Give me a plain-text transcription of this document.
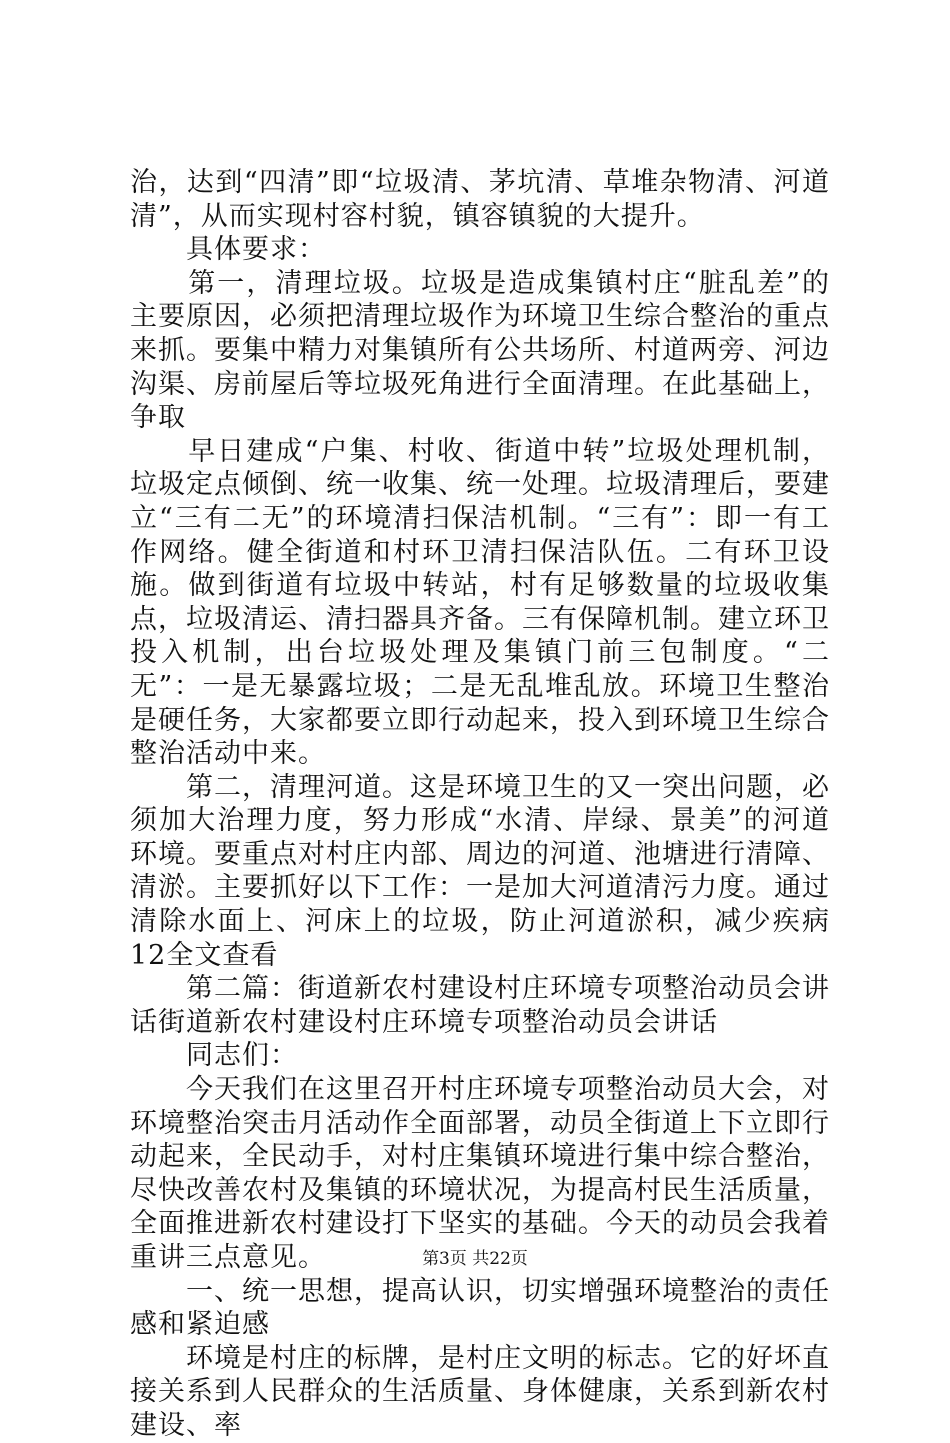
治，达到“四清”即“垃圾清、茅坑清、草堆杂物清、河道清”，从而实现村容村貌，镇容镇貌的大提升。

　　具体要求：

　　第一，清理垃圾。垃圾是造成集镇村庄“脏乱差”的主要原因，必须把清理垃圾作为环境卫生综合整治的重点来抓。要集中精力对集镇所有公共场所、村道两旁、河边沟渠、房前屋后等垃圾死角进行全面清理。在此基础上，争取

　　早日建成“户集、村收、街道中转”垃圾处理机制，垃圾定点倾倒、统一收集、统一处理。垃圾清理后，要建立“三有二无”的环境清扫保洁机制。“三有”：即一有工作网络。健全街道和村环卫清扫保洁队伍。二有环卫设施。做到街道有垃圾中转站，村有足够数量的垃圾收集点，垃圾清运、清扫器具齐备。三有保障机制。建立环卫投入机制，出台垃圾处理及集镇门前三包制度。“二无”：一是无暴露垃圾；二是无乱堆乱放。环境卫生整治是硬任务，大家都要立即行动起来，投入到环境卫生综合整治活动中来。

　　第二，清理河道。这是环境卫生的又一突出问题，必须加大治理力度，努力形成“水清、岸绿、景美”的河道环境。要重点对村庄内部、周边的河道、池塘进行清障、清淤。主要抓好以下工作：一是加大河道清污力度。通过清除水面上、河床上的垃圾，防止河道淤积，减少疾病12全文查看

　　第二篇：街道新农村建设村庄环境专项整治动员会讲话街道新农村建设村庄环境专项整治动员会讲话

　　同志们：

　　今天我们在这里召开村庄环境专项整治动员大会，对环境整治突击月活动作全面部署，动员全街道上下立即行动起来，全民动手，对村庄集镇环境进行集中综合整治，尽快改善农村及集镇的环境状况，为提高村民生活质量，全面推进新农村建设打下坚实的基础。今天的动员会我着重讲三点意见。

　　一、统一思想，提高认识，切实增强环境整治的责任感和紧迫感

　　环境是村庄的标牌，是村庄文明的标志。它的好坏直接关系到人民群众的生活质量、身体健康，关系到新农村建设、率

第3页 共22页
